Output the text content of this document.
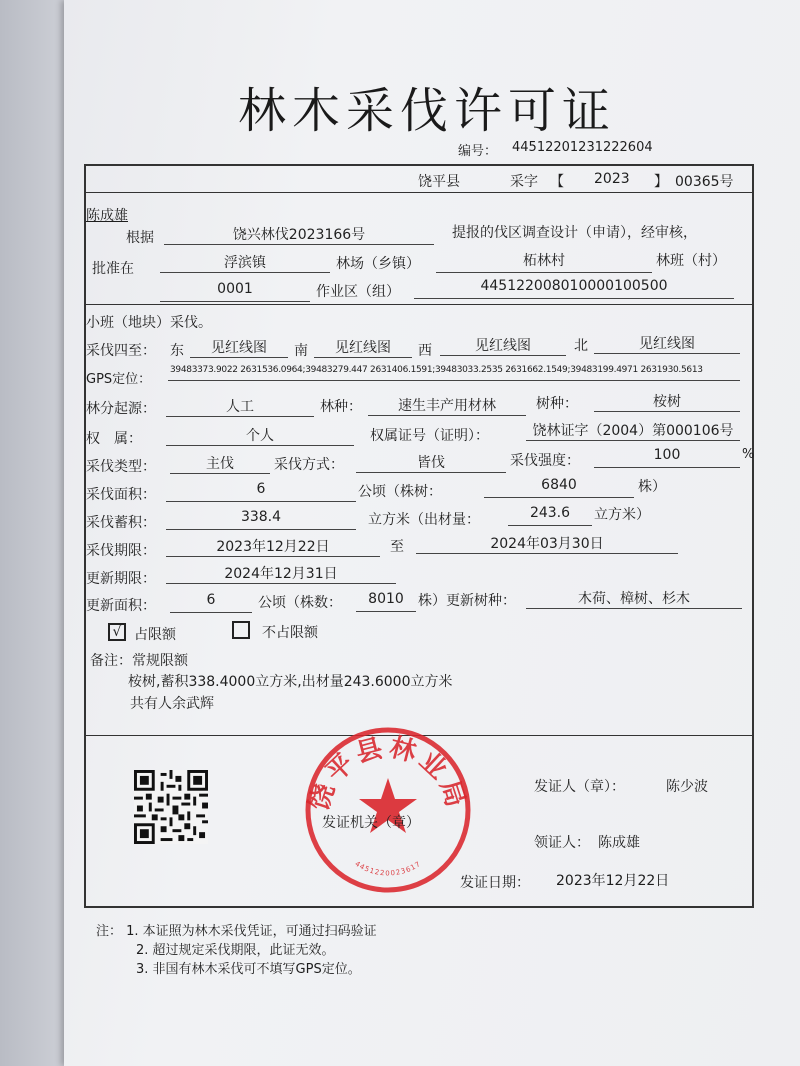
林木采伐许可证
编号： 44512201231222604
饶平县	采字 【 2023 】 00365号
陈成雄
根据	饶兴林伐2023166号	提报的伐区调查设计（申请），经审核，
批准在	浮滨镇	林场（乡镇）	柘林村	林班（村）
0001	作业区（组）	445122008010000100500
小班（地块）采伐。
采伐四至： 东	见红线图	南	见红线图	西	见红线图	北	见红线图
GPS定位：
39483373.9022 2631536.0964;39483279.447 2631406.1591;39483033.2535 2631662.1549;39483199.4971 2631930.5613
林分起源：	人工	林种：	速生丰产用材林	树种：	桉树
权　属：	个人	权属证号（证明）：	饶林证字（2004）第000106号
采伐类型：	主伐	采伐方式：	皆伐	采伐强度：	100	%
采伐面积：	6	公顷（株树：	6840	株）
采伐蓄积：	338.4	立方米（出材量：	243.6	立方米）
采伐期限：	2023年12月22日	至	2024年03月30日
更新期限：	2024年12月31日
更新面积：	6	公顷（株数：	8010	株）更新树种：	木荷、樟树、杉木
√ 占限额	不占限额
备注：常规限额
桉树,蓄积338.4000立方米,出材量243.6000立方米
共有人余武辉
饶平县林业局
4451220023617
发证机关（章）
发证人（章）：	陈少波
领证人： 陈成雄
发证日期： 2023年12月22日
注： 1. 本证照为林木采伐凭证，可通过扫码验证
2. 超过规定采伐期限，此证无效。
3. 非国有林木采伐可不填写GPS定位。
